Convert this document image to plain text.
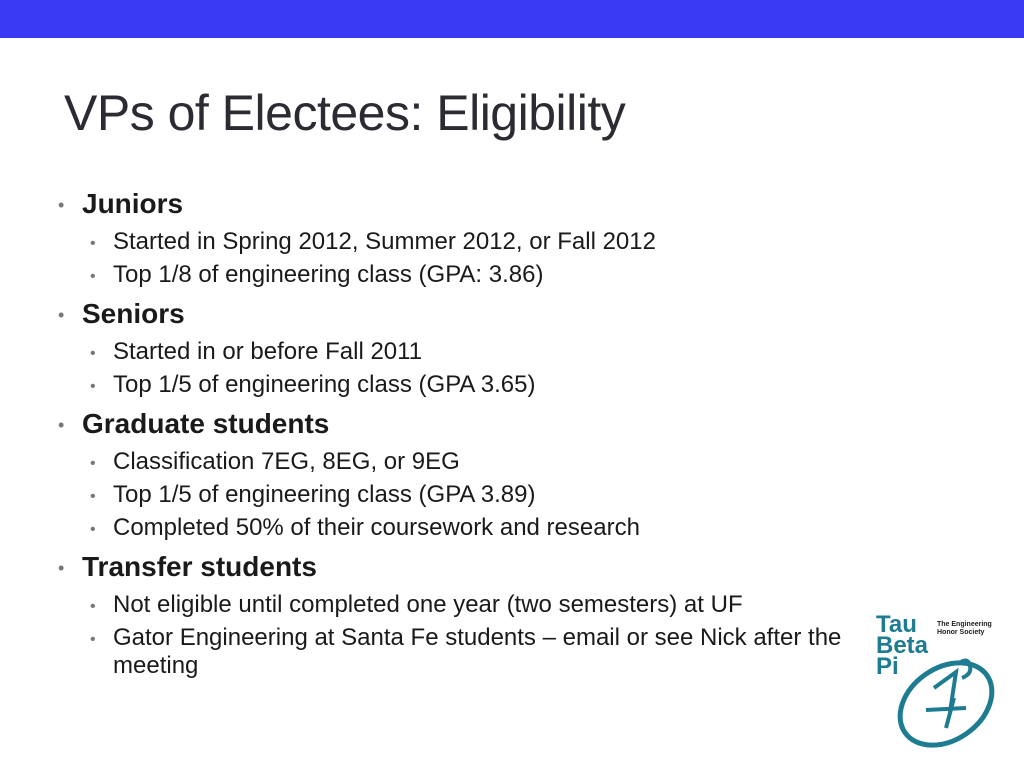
VPs of Electees: Eligibility
• Juniors
• Started in Spring 2012, Summer 2012, or Fall 2012
• Top 1/8 of engineering class (GPA: 3.86)
• Seniors
• Started in or before Fall 2011
• Top 1/5 of engineering class (GPA 3.65)
• Graduate students
• Classification 7EG, 8EG, or 9EG
• Top 1/5 of engineering class (GPA 3.89)
• Completed 50% of their coursework and research
• Transfer students
• Not eligible until completed one year (two semesters) at UF
• Gator Engineering at Santa Fe students – email or see Nick after the meeting
Tau
Beta
Pi
The Engineering
Honor Society
